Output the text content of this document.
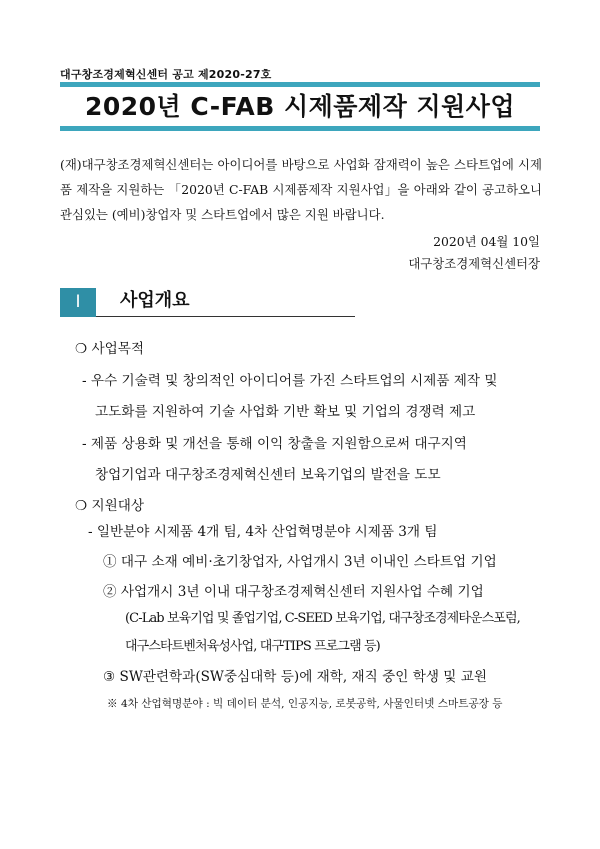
대구창조경제혁신센터 공고 제2020-27호
2020년 C-FAB 시제품제작 지원사업

(재)대구창조경제혁신센터는 아이디어를 바탕으로 사업화 잠재력이 높은 스타트업에 시제품 제작을 지원하는 「2020년 C-FAB 시제품제작 지원사업」을 아래와 같이 공고하오니 관심있는 (예비)창업자 및 스타트업에서 많은 지원 바랍니다.

2020년 04월 10일
대구창조경제혁신센터장
Ⅰ	사업개요
❍ 사업목적
- 우수 기술력 및 창의적인 아이디어를 가진 스타트업의 시제품 제작 및
고도화를 지원하여 기술 사업화 기반 확보 및 기업의 경쟁력 제고
- 제품 상용화 및 개선을 통해 이익 창출을 지원함으로써 대구지역
창업기업과 대구창조경제혁신센터 보육기업의 발전을 도모
❍ 지원대상
- 일반분야 시제품 4개 팀, 4차 산업혁명분야 시제품 3개 팀
① 대구 소재 예비·초기창업자, 사업개시 3년 이내인 스타트업 기업
② 사업개시 3년 이내 대구창조경제혁신센터 지원사업 수혜 기업
(C-Lab 보육기업 및 졸업기업, C-SEED 보육기업, 대구창조경제타운스포럼,
대구스타트벤처육성사업, 대구TIPS 프로그램 등)
③ SW관련학과(SW중심대학 등)에 재학, 재직 중인 학생 및 교원
※ 4차 산업혁명분야 : 빅 데이터 분석, 인공지능, 로봇공학, 사물인터넷 스마트공장 등
